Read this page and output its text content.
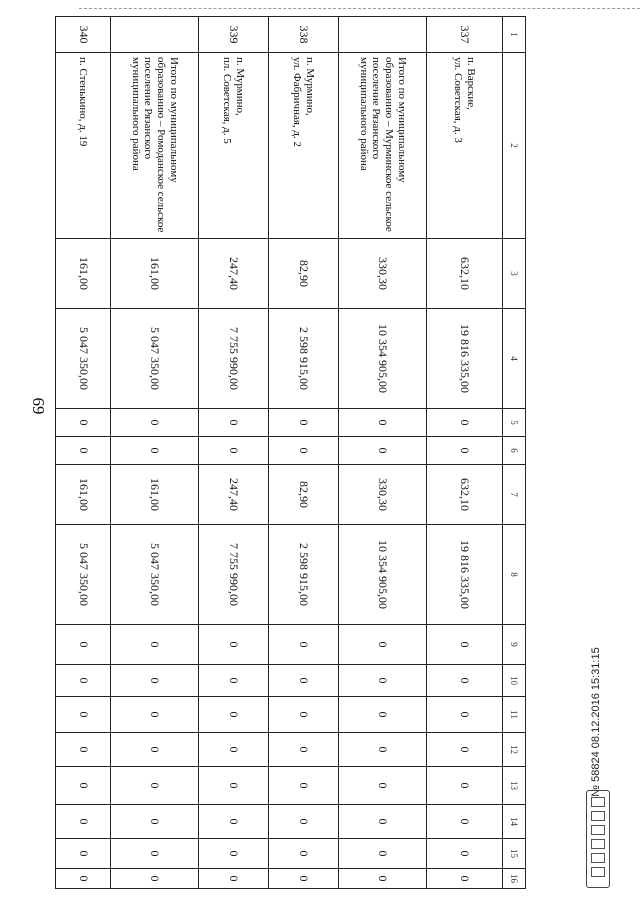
69
1	2	3	4	5	6	7	8	9	10	11	12	13	14	15	16
337	п. Варские,
ул. Советская, д. 3	632,10	19 816 335,00	0	0	632,10	19 816 335,00	0	0	0	0	0	0	0	0
	Итого по муниципальному образованию – Мурминское сельское поселение Рязанского муниципального района	330,30	10 354 905,00	0	0	330,30	10 354 905,00	0	0	0	0	0	0	0	0
338	п. Мурмино,
ул. Фабричная, д. 2	82,90	2 598 915,00	0	0	82,90	2 598 915,00	0	0	0	0	0	0	0	0
339	п. Мурмино,
пл. Советская, д. 5	247,40	7 755 990,00	0	0	247,40	7 755 990,00	0	0	0	0	0	0	0	0
	Итого по муниципальному образованию – Ромоданское сельское поселение Рязанского муниципального района	161,00	5 047 350,00	0	0	161,00	5 047 350,00	0	0	0	0	0	0	0	0
340	п. Стенькино, д. 19	161,00	5 047 350,00	0	0	161,00	5 047 350,00	0	0	0	0	0	0	0	0
№ 58824 08.12.2016 15:31:15
